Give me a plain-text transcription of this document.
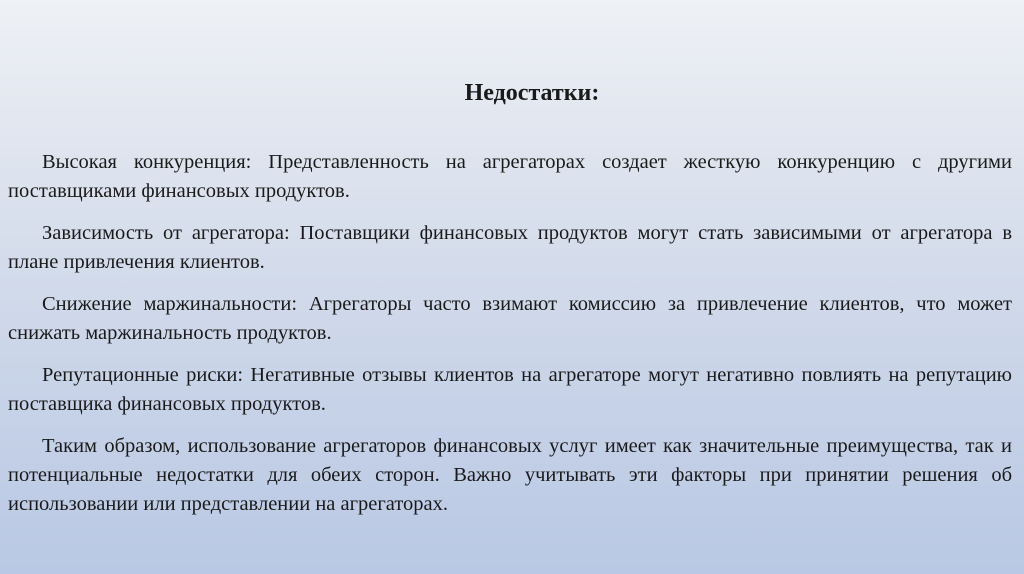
Недостатки:

Высокая конкуренция: Представленность на агрегаторах создает жесткую конкуренцию с другими поставщиками финансовых продуктов.

Зависимость от агрегатора: Поставщики финансовых продуктов могут стать зависимыми от агрегатора в плане привлечения клиентов.

Снижение маржинальности: Агрегаторы часто взимают комиссию за привлечение клиентов, что может снижать маржинальность продуктов.

Репутационные риски: Негативные отзывы клиентов на агрегаторе могут негативно повлиять на репутацию поставщика финансовых продуктов.

Таким образом, использование агрегаторов финансовых услуг имеет как значительные преимущества, так и потенциальные недостатки для обеих сторон. Важно учитывать эти факторы при принятии решения об использовании или представлении на агрегаторах.
